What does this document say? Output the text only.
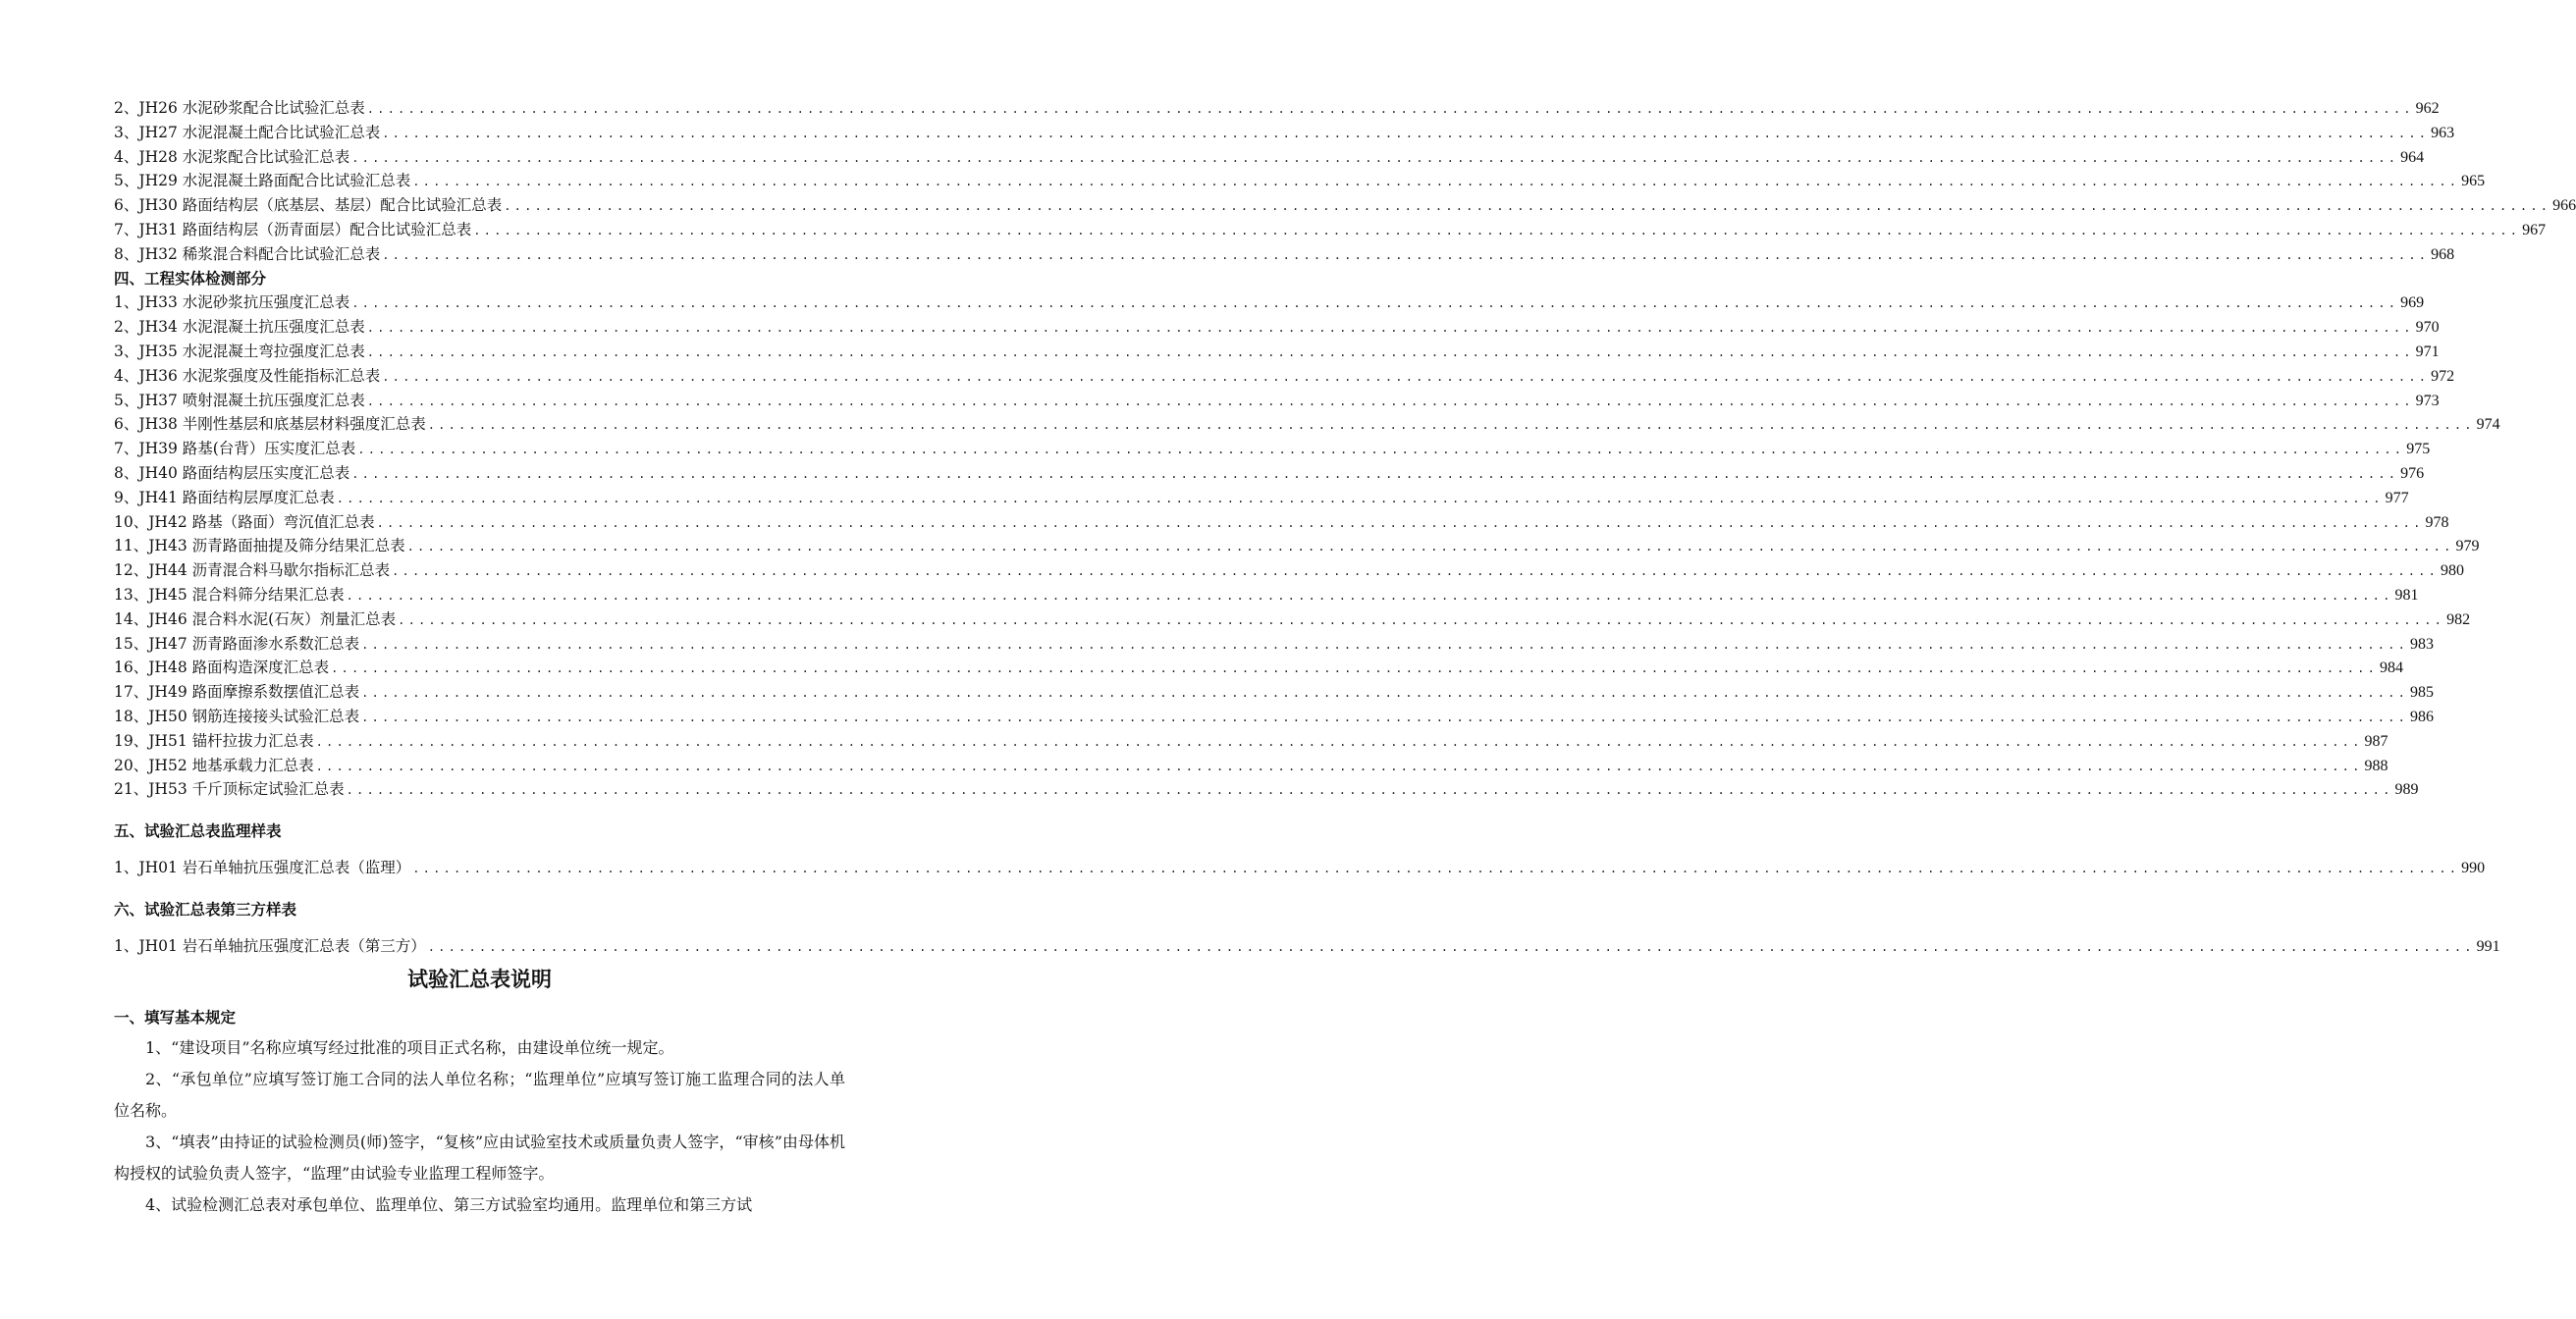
2、JH26 水泥砂浆配合比试验汇总表 ........................................................................................................................................................................................................ 962
3、JH27 水泥混凝土配合比试验汇总表 ........................................................................................................................................................................................................ 963
4、JH28 水泥浆配合比试验汇总表 ........................................................................................................................................................................................................ 964
5、JH29 水泥混凝土路面配合比试验汇总表 ........................................................................................................................................................................................................ 965
6、JH30 路面结构层（底基层、基层）配合比试验汇总表 ........................................................................................................................................................................................................ 966
7、JH31 路面结构层（沥青面层）配合比试验汇总表 ........................................................................................................................................................................................................ 967
8、JH32 稀浆混合料配合比试验汇总表 ........................................................................................................................................................................................................ 968
四、工程实体检测部分
1、JH33 水泥砂浆抗压强度汇总表 ........................................................................................................................................................................................................ 969
2、JH34 水泥混凝土抗压强度汇总表 ........................................................................................................................................................................................................ 970
3、JH35 水泥混凝土弯拉强度汇总表 ........................................................................................................................................................................................................ 971
4、JH36 水泥浆强度及性能指标汇总表 ........................................................................................................................................................................................................ 972
5、JH37 喷射混凝土抗压强度汇总表 ........................................................................................................................................................................................................ 973
6、JH38 半刚性基层和底基层材料强度汇总表 ........................................................................................................................................................................................................ 974
7、JH39 路基(台背）压实度汇总表 ........................................................................................................................................................................................................ 975
8、JH40 路面结构层压实度汇总表 ........................................................................................................................................................................................................ 976
9、JH41 路面结构层厚度汇总表 ........................................................................................................................................................................................................ 977
10、JH42 路基（路面）弯沉值汇总表 ........................................................................................................................................................................................................ 978
11、JH43 沥青路面抽提及筛分结果汇总表 ........................................................................................................................................................................................................ 979
12、JH44 沥青混合料马歇尔指标汇总表 ........................................................................................................................................................................................................ 980
13、JH45 混合料筛分结果汇总表 ........................................................................................................................................................................................................ 981
14、JH46 混合料水泥(石灰）剂量汇总表 ........................................................................................................................................................................................................ 982
15、JH47 沥青路面渗水系数汇总表 ........................................................................................................................................................................................................ 983
16、JH48 路面构造深度汇总表 ........................................................................................................................................................................................................ 984
17、JH49 路面摩擦系数摆值汇总表 ........................................................................................................................................................................................................ 985
18、JH50 钢筋连接接头试验汇总表 ........................................................................................................................................................................................................ 986
19、JH51 锚杆拉拔力汇总表 ........................................................................................................................................................................................................ 987
20、JH52 地基承载力汇总表 ........................................................................................................................................................................................................ 988
21、JH53 千斤顶标定试验汇总表 ........................................................................................................................................................................................................ 989
五、试验汇总表监理样表
1、JH01 岩石单轴抗压强度汇总表（监理） ........................................................................................................................................................................................................ 990
六、试验汇总表第三方样表
1、JH01 岩石单轴抗压强度汇总表（第三方） ........................................................................................................................................................................................................ 991
试验汇总表说明
一、填写基本规定

1、“建设项目”名称应填写经过批准的项目正式名称，由建设单位统一规定。

2、“承包单位”应填写签订施工合同的法人单位名称；“监理单位”应填写签订施工监理合同的法人单位名称。

3、“填表”由持证的试验检测员(师)签字，“复核”应由试验室技术或质量负责人签字，“审核”由母体机构授权的试验负责人签字，“监理”由试验专业监理工程师签字。

4、试验检测汇总表对承包单位、监理单位、第三方试验室均通用。监理单位和第三方试
